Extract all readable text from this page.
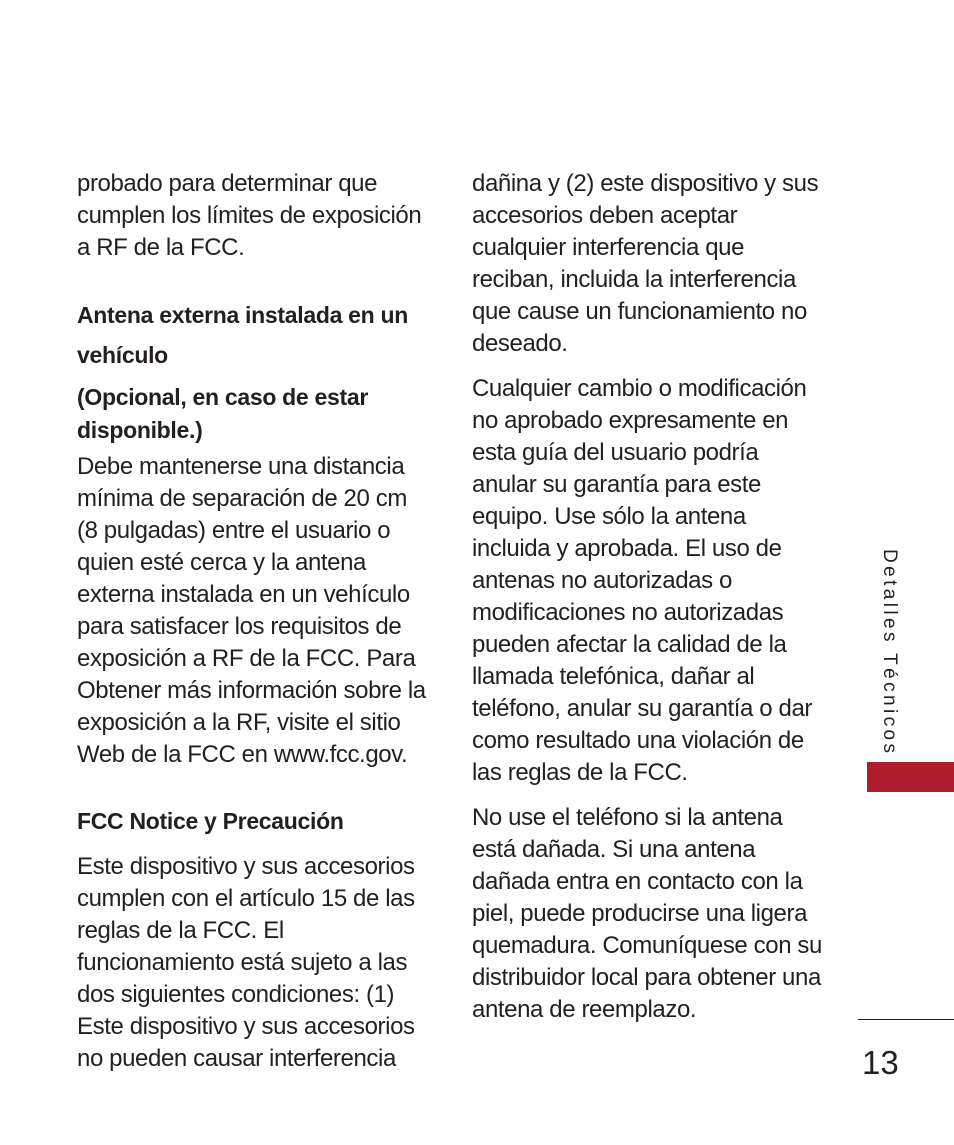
probado para determinar que cumplen los límites de exposición a RF de la FCC.

Antena externa instalada en un vehículo

(Opcional, en caso de estar disponible.)

Debe mantenerse una distancia mínima de separación de 20 cm (8 pulgadas) entre el usuario o quien esté cerca y la antena externa instalada en un vehículo para satisfacer los requisitos de exposición a RF de la FCC. Para Obtener más información sobre la exposición a la RF, visite el sitio Web de la FCC en www.fcc.gov.

FCC Notice y Precaución

Este dispositivo y sus accesorios cumplen con el artículo 15 de las reglas de la FCC. El funcionamiento está sujeto a las dos siguientes condiciones: (1) Este dispositivo y sus accesorios no pueden causar interferencia

dañina y (2) este dispositivo y sus accesorios deben aceptar cualquier interferencia que reciban, incluida la interferencia que cause un funcionamiento no deseado.

Cualquier cambio o modificación no aprobado expresamente en esta guía del usuario podría anular su garantía para este equipo. Use sólo la antena incluida y aprobada. El uso de antenas no autorizadas o modificaciones no autorizadas pueden afectar la calidad de la llamada telefónica, dañar al teléfono, anular su garantía o dar como resultado una violación de las reglas de la FCC.

No use el teléfono si la antena está dañada. Si una antena dañada entra en contacto con la piel, puede producirse una ligera quemadura. Comuníquese con su distribuidor local para obtener una antena de reemplazo.

Detalles Técnicos
13
